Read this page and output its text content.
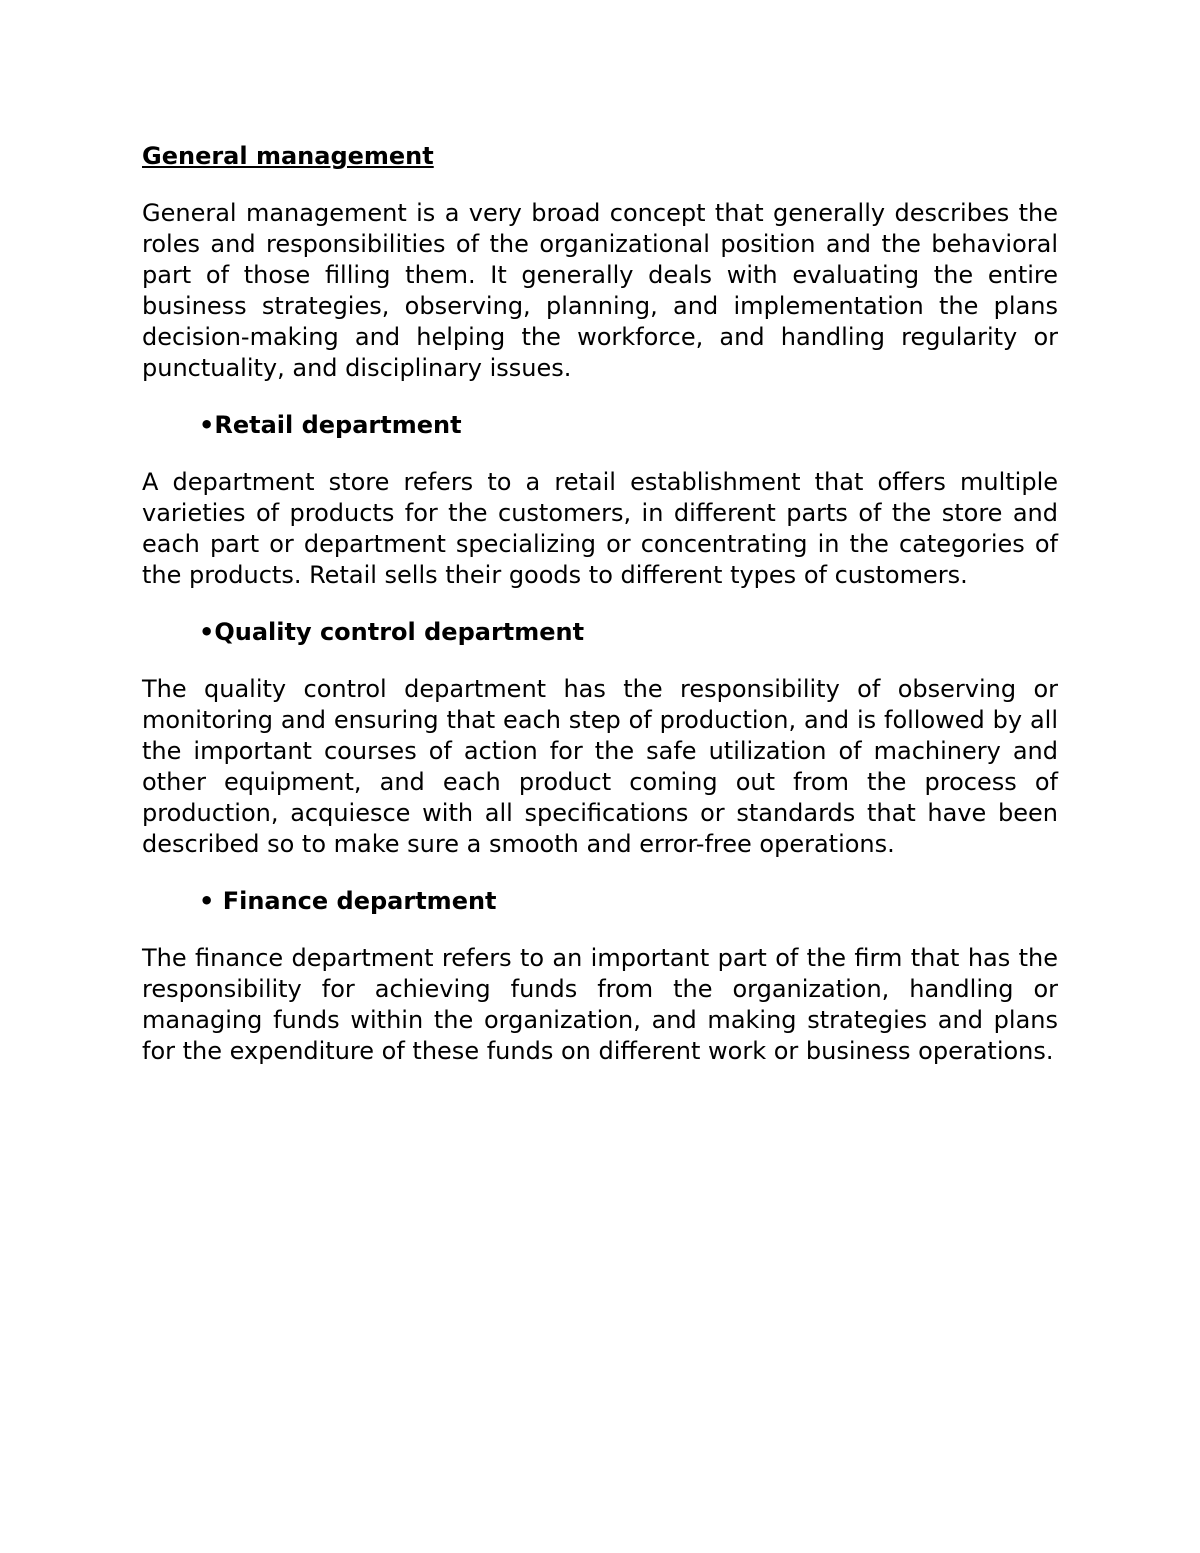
General management

General management is a very broad concept that generally describes the roles and responsibilities of the organizational position and the behavioral part of those filling them. It generally deals with evaluating the entire business strategies, observing, planning, and implementation the plans decision-making and helping the workforce, and handling regularity or punctuality, and disciplinary issues.

•Retail department

A department store refers to a retail establishment that offers multiple varieties of products for the customers, in different parts of the store and each part or department specializing or concentrating in the categories of the products. Retail sells their goods to different types of customers.

•Quality control department

The quality control department has the responsibility of observing or monitoring and ensuring that each step of production, and is followed by all the important courses of action for the safe utilization of machinery and other equipment, and each product coming out from the process of production, acquiesce with all specifications or standards that have been described so to make sure a smooth and error-free operations.

• Finance department

The finance department refers to an important part of the firm that has the responsibility for achieving funds from the organization, handling or managing funds within the organization, and making strategies and plans for the expenditure of these funds on different work or business operations.
